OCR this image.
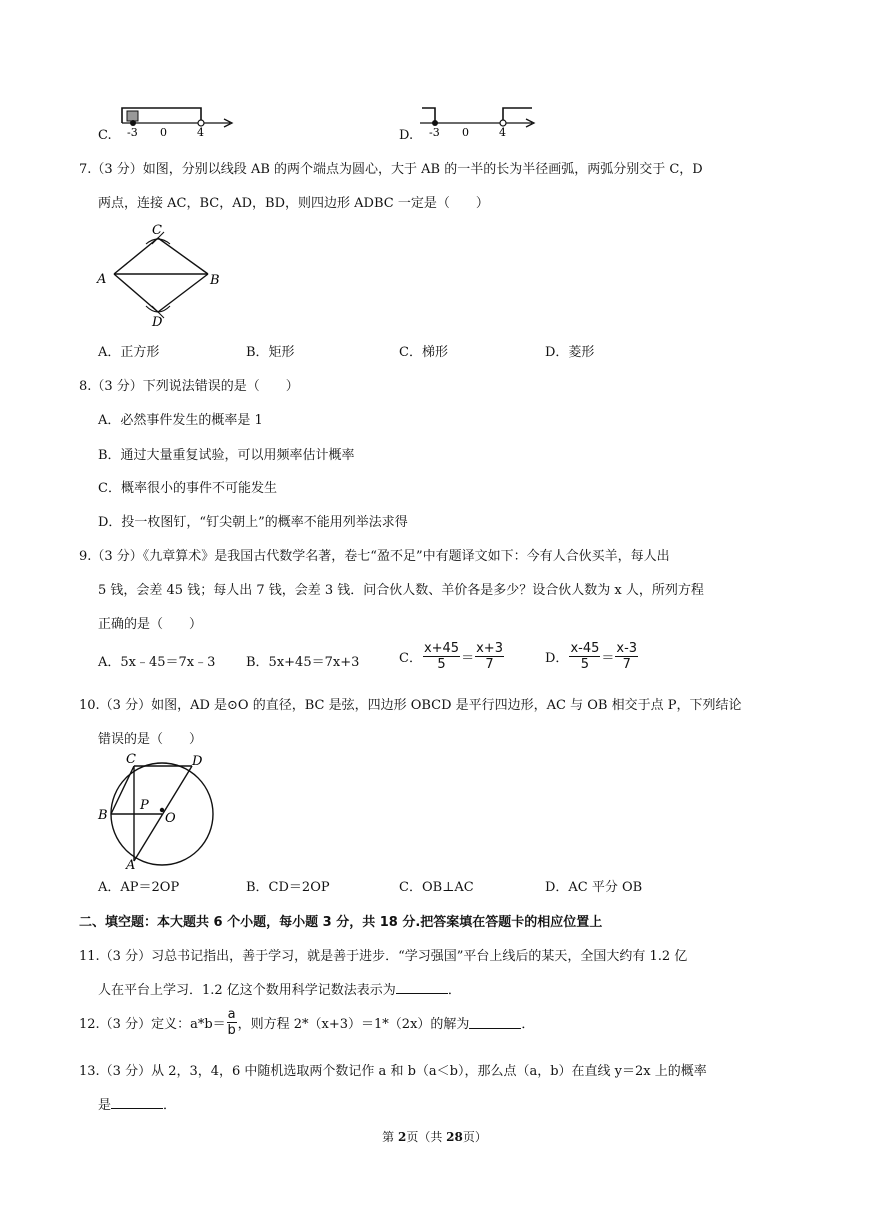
C. -3 0	4	D. -3 0	4
7.（3 分）如图，分别以线段 AB 的两个端点为圆心，大于 AB 的一半的长为半径画弧，两弧分别交于 C，D
两点，连接 AC，BC，AD，BD，则四边形 ADBC 一定是（　　）
C
A	B
D
A．正方形	B．矩形	C．梯形	D．菱形
8.（3 分）下列说法错误的是（　　）
A．必然事件发生的概率是 1
B．通过大量重复试验，可以用频率估计概率
C．概率很小的事件不可能发生
D．投一枚图钉，“钉尖朝上”的概率不能用列举法求得
9.（3 分）《九章算术》是我国古代数学名著，卷七“盈不足”中有题译文如下：今有人合伙买羊，每人出
5 钱，会差 45 钱；每人出 7 钱，会差 3 钱．问合伙人数、羊价各是多少？设合伙人数为 x 人，所列方程
正确的是（　　）
A．5x﹣45＝7x﹣3 B．5x+45＝7x+3	C． $\frac{x+45}{5} = \frac{x+3}{7}$	D． $\frac{x-45}{5} = \frac{x-3}{7}$
10.（3 分）如图，AD 是⊙O 的直径，BC 是弦，四边形 OBCD 是平行四边形，AC 与 OB 相交于点 P，下列结论
错误的是（　　）
C	D
B
P
O
A
A．AP＝2OP	B．CD＝2OP	C．OB⊥AC	D．AC 平分 OB
二、填空题：本大题共 6 个小题，每小题 3 分，共 18 分.把答案填在答题卡的相应位置上
11.（3 分）习总书记指出，善于学习，就是善于进步．“学习强国”平台上线后的某天，全国大约有 1.2 亿
人在平台上学习．1.2 亿这个数用科学记数法表示为	．
12.（3 分）定义：$a*b= \frac{a}{b}$ ，则方程 2*（x+3）＝1*（2x）的解为	．
13.（3 分）从 2，3，4，6 中随机选取两个数记作 a 和 b（a＜b），那么点（a，b）在直线 y＝2x 上的概率
是	．
第 2页（共 28页）
